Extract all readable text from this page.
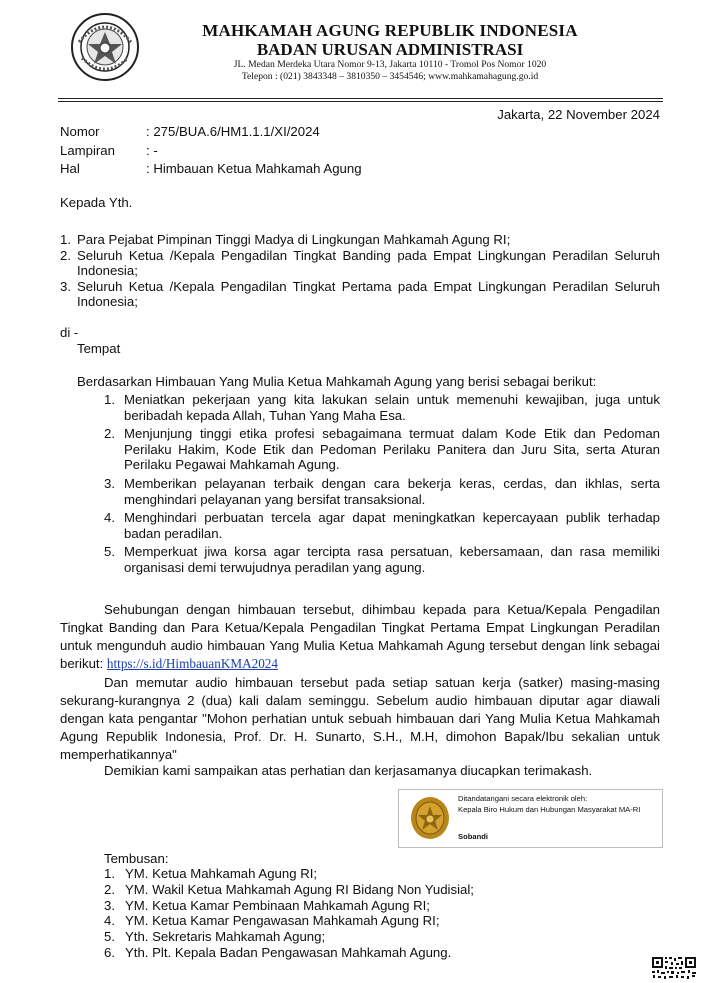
MAHKAMAH AGUNG REPUBLIK INDONESIA
BADAN URUSAN ADMINISTRASI
JL. Medan Merdeka Utara Nomor 9-13, Jakarta 10110 - Tromol Pos Nomor 1020
Telepon : (021) 3843348 – 3810350 – 3454546; www.mahkamahagung.go.id
Jakarta, 22 November 2024
Nomor	: 275/BUA.6/HM1.1.1/XI/2024
Lampiran : -
Hal	: Himbauan Ketua Mahkamah Agung
Kepada Yth.
1. Para Pejabat Pimpinan Tinggi Madya di Lingkungan Mahkamah Agung RI;
2. Seluruh Ketua /Kepala Pengadilan Tingkat Banding pada Empat Lingkungan Peradilan Seluruh
Indonesia;
3. Seluruh Ketua /Kepala Pengadilan Tingkat Pertama pada Empat Lingkungan Peradilan Seluruh
Indonesia;
di -
Tempat
Berdasarkan Himbauan Yang Mulia Ketua Mahkamah Agung yang berisi sebagai berikut:
1. Meniatkan pekerjaan yang kita lakukan selain untuk memenuhi kewajiban, juga untuk
beribadah kepada Allah, Tuhan Yang Maha Esa.
2. Menjunjung tinggi etika profesi sebagaimana termuat dalam Kode Etik dan Pedoman
Perilaku Hakim, Kode Etik dan Pedoman Perilaku Panitera dan Juru Sita, serta Aturan
Perilaku Pegawai Mahkamah Agung.
3. Memberikan pelayanan terbaik dengan cara bekerja keras, cerdas, dan ikhlas, serta
menghindari pelayanan yang bersifat transaksional.
4. Menghindari perbuatan tercela agar dapat meningkatkan kepercayaan publik terhadap
badan peradilan.
5. Memperkuat jiwa korsa agar tercipta rasa persatuan, kebersamaan, dan rasa memiliki
organisasi demi terwujudnya peradilan yang agung.
Sehubungan dengan himbauan tersebut, dihimbau kepada para Ketua/Kepala Pengadilan
Tingkat Banding dan Para Ketua/Kepala Pengadilan Tingkat Pertama Empat Lingkungan Peradilan
untuk mengunduh audio himbauan Yang Mulia Ketua Mahkamah Agung tersebut dengan link sebagai
berikut: https://s.id/HimbauanKMA2024
Dan memutar audio himbauan tersebut pada setiap satuan kerja (satker) masing-masing
sekurang-kurangnya 2 (dua) kali dalam seminggu. Sebelum audio himbauan diputar agar diawali
dengan kata pengantar "Mohon perhatian untuk sebuah himbauan dari Yang Mulia Ketua Mahkamah
Agung Republik Indonesia, Prof. Dr. H. Sunarto, S.H., M.H, dimohon Bapak/Ibu sekalian untuk
memperhatikannya"
Demikian kami sampaikan atas perhatian dan kerjasamanya diucapkan terimakash.
Ditandatangani secara elektronik oleh:
Kepala Biro Hukum dan Hubungan Masyarakat MA-RI
Sobandi
Tembusan:
1. YM. Ketua Mahkamah Agung RI;
2. YM. Wakil Ketua Mahkamah Agung RI Bidang Non Yudisial;
3. YM. Ketua Kamar Pembinaan Mahkamah Agung RI;
4. YM. Ketua Kamar Pengawasan Mahkamah Agung RI;
5. Yth. Sekretaris Mahkamah Agung;
6. Yth. Plt. Kepala Badan Pengawasan Mahkamah Agung.
